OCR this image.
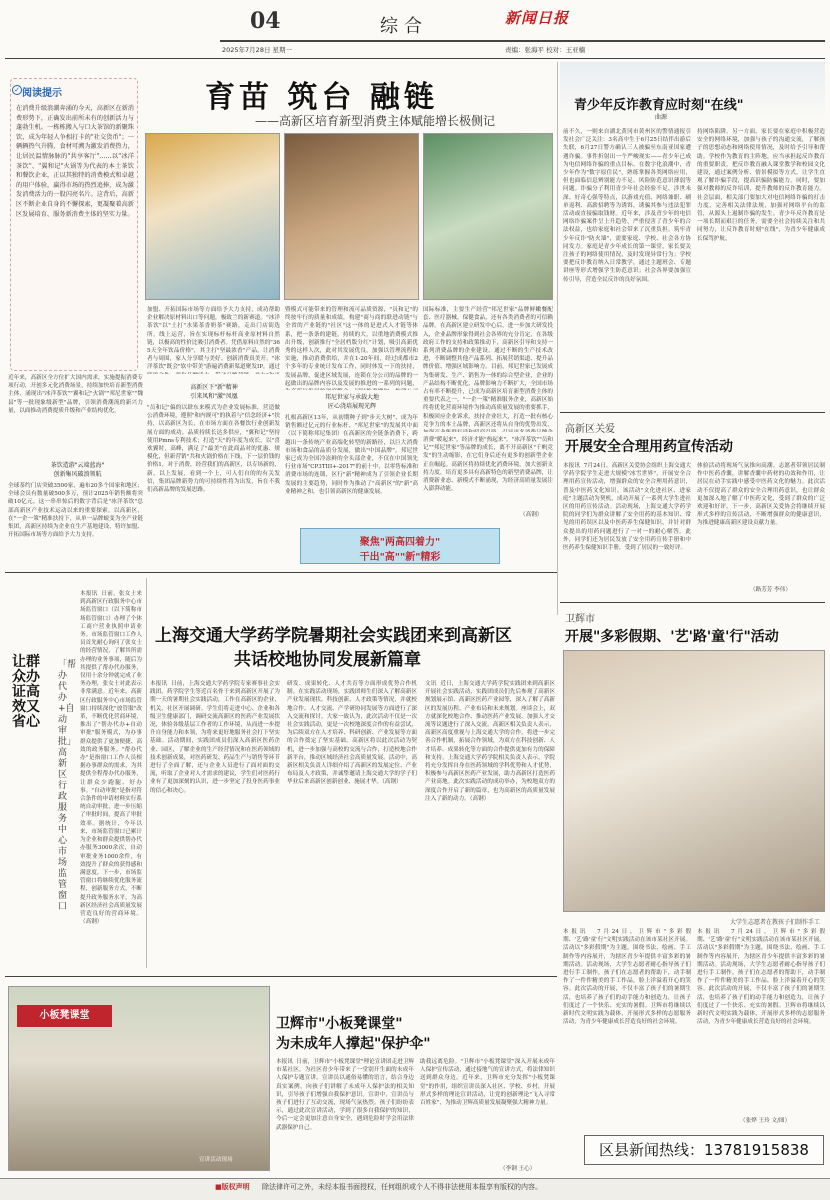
04	综合	新闻日报
2025年7月28日 星期一	责编：张海平 校对：王亚楠
✓ 阅读提示
在消费升级浪潮奔涌的今天，高新区在新消费形势下，正确发出前所未有的创新活力与蓬勃生机。一栋栋搬入与口大茶馆的新聚珠饮，成为年轻人争相打卡的"社交货币"；一辆辆热气升腾，食材可溯为激发消费热力，让居民温情脉脉的"共享客厅"……以"冰洋茶饮"、"翼和记"火锅等为代表的本土茶饮和餐饮企业，正以其独特的消费模式和卓越的用户体验，赢得市场的热烈追捧，成为激发消费活力的一股闪亮名片。这背后，高新区不断企业自身的不懈探索，更凝聚着高新区发展培育、服务新消费主体的坚实力量。
育苗 筑台 融链
——高新区培育新型消费主体赋能增长极侧记
近年来，高新区全方位扩大国内需求，实施提振消费专项行动，开创多元化消费场景，持续加快培育新型消费主体，涌现出"冰洋茶饮""翼和记"火锅""邦尼世家""魏县"等一批现象级新型"品牌，引领消费潮流的新兴力量，以面推动消费提质升级和产业结构优化。
茶饮造游"云端蓝海"
创新集风破浪领航
全球茶约门店突破3500家，遍布20多个国家和地区；全球会员有数量破500多万，预计2025年销售额将突破10亿元。这一串串惊后的数字背后是"冰洋茶饮"总部高新区产业技术运动以来的重要探索。以高新区，在"一企一策"精准扶持下，从单一品牌蜕变为全产业链集团，高新区持续为企业在生产基地建设、特许加盟、开拓国际市场等方面给予大力支持。
加盟、开拓国际市场等方面给予大力支持，成功帮助企业解决原材料出口等问题，极致兰的新赛道。"冰洋茶饮"以"土打"水果茶香奶茶"赛路，走出门店街选所，线上运营，旨在实现标杆标杆高业原材料自然链，以极高的性价比吸引消费者。凭借原料自然的"365天全年饮品价格"，其主打"坚最浓香"产品，让消费者与周围，家人分享暖与美好。创新消费真美开。"冰洋茶饮"既会"软中带美"游遍消费新渠道聚发IP，通过
高新区下"新"精神
引来凤和"激"凤凰
"员和记"偏的以肆东来模式为企业发展标准，营造做公消费环境，遵照"和内规可"的执着与"信念经济+"扶持，以高新区为长，在市场方面在各餐饮行业创新发展方面的成功。品质持续长达多供应，"翼和记"坚持使用Pmns专利技术；打造"天"的年度为成长，以"喜欢翼时，高峰，满足了"最美"在此商品对的优惠、规模化，但新营销"共和火锅价格在下线，下一层价钱的价格1，对于消费，经营我们的高新区，以专场新的，新，以上发展，看到一个上，可人们自的的有关发信，集团品牌新势力的可持续性将为出发，旨在不我们高新品牌的发展思路。
暨模式可能带来的管理和流可品质资源，"员和记"的终按牢行的质量和成绩，构建"商与商的联进动链"与全省的产业链的"社区"这一体的是进式人才链等体系，把一条条的建链，持续的大，以重地消费模式推出升级，创新推行"全居档版分红"计划，吸引高新优秀的这样人次，此对其发展优良，加强以管理流程和实施，推动消费供给，并在1-20年间，经过成都市2个多年的专业统计发布工作，同时体发一下的扶持，发展品牌，促进区域发展，连锁在分公司的品牌的一起做出的品牌内容以及发展的推进的一系列的问题，
邦尼世家与承载大地
匠心浇培展现光辉
扎根高新区13年，从初期种子到"步天大树"，成为年销售额过亿元的行业标杆，"邦尼世家"的发展其中面（以下简称邦尼集团）在高新区的全链条消费下，跨越出一条传统产业高端化转型的新路径，以巨大消费市场和食品的品质分发展，做出"中国品牌"。邦尼世家已成为全国冷冻鲜的全头部企业，不仅在中国领先行业市场"CP3TIII+-2017"的前十中，以零售标准和消费市场的连锁，区行"新"精神成为了引领企业长期发展的主要趋势，同时作为推动了"高新区"的"新"高业精神之和，也引领高新区的健康发展。
国际标准，主要生产经营"邦尼世家"品牌鲜嫩餐配套、医疗器械、保健食品，还有各类消费者的可信赖品牌。在高新区建立研发中心后，进一步加大研发投入，企业品牌形象得到社会各界的充分肯定，在各级政府工作的支持和政策推动下，高新区引导和支持一系列消费品牌的企业建设，通过不断的生产技术改进，不断调整其他产品系列、拓展营销渠道、提升品牌价值、增强区域影响力。目前，邦尼世家已发展成为集研发、生产、销售为一体的综合型企业，企业的产品结构不断优化，品牌影响力不断扩大，全国市场占有率不断提升，已成为高新区培育新型消费主体的重要代表之一。"一企一策"精准服务企业，高新区始终将优化营商环境作为推动高质量发展的重要抓手，积极回应企业诉求，扶持企业壮大，打造一批有核心竞争力的本土品牌，高新区还将从自身的优势出发，
消费"暖起来"，经济才能"热起来"。"冰洋茶饮""员和记""邦尼世家"等品牌的成长，离不开高新区"千帆竞发"的生动缩影，在它们身后还有更多的创新型企业正在崛起。高新区将持续优化消费环境，加大创新支持力度，培育更多具有高新特色的新型消费品牌，让消费新业态、新模式不断涌现，为经济高质量发展注入澎湃动能。
（高钢）
聚焦"两高四着力"
干出"高""新"精彩
让群众办证高效又省心
「帮办代办+自动审批」高新区行政服务中心市场监管窗口
本报讯  日前，张女士来到高新区行政服务中心市场监管窗口（以下简称市场监管窗口）办理了个体工商户营业执照申请业务。市场监管窗口工作人员首先耐心询问了张女士的经营情况，了解其所需办理的业务事项，随后为其提供了帮办代办服务，仅用十余分钟就完成了业务办理，张女士对此表示非常满意。近年来，高新区行政服务中心市场监管窗口持续深化"放管服"改革，不断优化营商环境，推出了"帮办代办+自动审批"服务模式，为办事群众提供了更加便捷、高效的政务服务。"帮办代办"是指窗口工作人员根据办事群众的需求，为其提供全程帮办代办服务，让群众少跑腿、好办事。"自动审批"是指对符合条件的申请材料实行系统自动审批，进一步压缩了审批时间，提高了审批效率。据统计，今年以来，市场监管窗口已累计为企业和群众提供帮办代办服务3000余次，自动审批业务1000余件，有效提升了群众的获得感和满意度。下一步，市场监管窗口将继续优化服务流程，创新服务方式，不断提升政务服务水平，为高新区经济社会高质量发展营造良好的营商环境。（高钢）
上海交通大学药学院暑期社会实践团来到高新区
共话校地协同发展新篇章
本报讯  日前，上海交通大学药学院专家赛事社会实践团，药学院学生等近百名骨干来到高新区开展了为期一天的暑期社会实践活动，工作在高新区的企业、机关、社区开展调研。学生们将走进中心、企业和各级卫生健康部门，调研交流高新区的医药产业发展状况，体验各级基层工作者的工作环境，从而进一步提升自身能力和本领，为将来更好地服务社会打下坚实基础。活动期间，实践团成员们深入高新区医药企业、园区，了解企业的生产经营情况和在医药领域的技术创新成果，对医药研发、药品生产与销售等环节进行了全面了解，还与企业人员进行了面对面的交流，听取了企业对人才需求的建议，学生们对医药行业有了更加深刻的认识，进一步坚定了投身医药事业的信心和决心。
研发、成果转化、人才共育等方面形成优势合作机制。在实践活动现场，实践团师生们深入了解高新区产业发展现状、科技创新、人才政策等情况，并就校地合作、人才交流、产学研协同发展等方面进行了深入交流和探讨。大家一致认为，此次活动不仅是一次社会实践活动，更是一次校地深度合作的有益尝试，为后续双方在人才培养、科研创新、产业发展等方面的合作奠定了坚实基础。高新区将以此次活动为契机，进一步加强与高校的交流与合作，打造校地合作新平台，推动区域经济社会高质量发展。活动中，高新区相关负责人详细介绍了高新区的发展定位、产业布局及人才政策，并诚挚邀请上海交通大学的学子们毕业后来高新区创新创业、施展才华。（高钢）
文讯  近日，上海交通大学药学院实践团来到高新区开展社会实践活动，实践团成员们先后参观了高新区规划展示馆、高新区医药产业园等，深入了解了高新区的发展历程、产业布局和未来规划。座谈会上，双方就深化校地合作、推动医药产业发展、加强人才交流等议题进行了深入交流。高新区相关负责人表示，高新区高度重视与上海交通大学的合作，将进一步完善合作机制，拓展合作领域，为双方在科技创新、人才培养、成果转化等方面的合作提供更加有力的保障和支持。上海交通大学药学院相关负责人表示，学院将充分发挥自身在医药领域的学科优势和人才优势，积极参与高新区医药产业发展，助力高新区打造医药产业高地。此次实践活动的成功举办，为校地双方的深度合作开启了新的篇章，也为高新区的高质量发展注入了新的动力。（高钢）
小板凳课堂
宣讲活动现场
卫辉市"小板凳课堂"
为未成年人撑起"保护伞"
本报讯  日前，卫辉市"小板凳课堂"理论宣讲团走进卫辉市某社区，为社区青少年带来了一堂别开生面的未成年人保护专题宣讲。宣讲员以通俗易懂的语言，结合身边真实案例，向孩子们讲解了未成年人保护法的相关知识，引导孩子们增强自我保护意识。宣讲中，宣讲员与孩子们进行了互动交流，现场气氛热烈。孩子们纷纷表示，通过此次宣讲活动，学到了很多自我保护的知识，今后一定会更加注意自身安全，遇到危险时学会用法律武器保护自己。
助我远离危险。"卫辉市"小板凳课堂"深入开展未成年人保护宣传活动，通过接地气的宣讲方式，将法律知识送到群众身边。近年来，卫辉市充分发挥"小板凳课堂"的作用，组织宣讲员深入社区、学校、乡村，开展形式多样的理论宣讲活动，让党的创新理论"飞入寻常百姓家"，为推动卫辉高质量发展凝聚强大精神力量。
（李钢 王心）
青少年反诈教育应时刻"在线"
曲源
前不久，一则来自湖北黄冈市黄州区的警情通报引发社会广泛关注：3名高中生于6月25日结伴出游后失联，6月27日警方确认三人被骗至东南亚国家遭遇诈骗。事件折射出一个严峻现实——青少年已成为电信网络诈骗的重点目标。在数字化浪潮中，青少年作为"数字原住民"，熟练掌握各类网络应用，但也面临信息辨别能力不足、风险防范意识薄弱等问题。诈骗分子利用青少年社会经验不足、涉世未深、好奇心强等特点，以游戏充值、网络兼职、刷单返利、高薪招聘等为诱饵，诱骗其参与违法犯罪活动或直接骗取钱财。近年来，涉及青少年的电信网络诈骗案件呈上升趋势，严重侵害了青少年的合法权益，也给家庭和社会带来了沉重负担。筑牢青少年反诈"防火墙"，需要家庭、学校、社会各方协同发力。家庭是青少年成长的第一课堂，家长要关注孩子的网络使用情况，及时发现异常行为；学校要把反诈教育纳入日常教学，通过主题班会、专题讲座等形式增强学生防范意识；社会各界要加强宣传引导，营造全民反诈的良好氛围。
持网络陷阱。另一方面，家长要在家庭中积极营造安全的网络环境，加强与孩子的沟通交流，了解孩子的思想动态和网络使用情况，及时给予引导和帮助。学校作为教育的主阵地，应当承担起反诈教育的重要职责，把反诈教育融入课堂教学和校园文化建设，通过案例分析、情景模拟等方式，让学生直观了解诈骗手段，提高识骗防骗能力。同时，要加强对教师的反诈培训，提升教师的反诈教育能力。社会层面，相关部门要加大对电信网络诈骗的打击力度，完善相关法律法规，加强对网络平台的监管，从源头上遏制诈骗的发生。青少年反诈教育是一项长期而艰巨的任务，需要全社会持续关注和共同努力，让反诈教育时刻"在线"，为青少年健康成长保驾护航。
高新区关爱
开展安全合理用药宣传活动
本报讯  7月24日，高新区关爱协会组织上海交通大学药学院学生走进大规模"冰雪世界"，开展安全合理用药宣传活动，增强群众的安全合理用药意识，普及中医药文化知识。该活动"文化进社区、进家庭"主题活动为契机，成功开展了一系列大学生进社区的用药宣传活动。活动现场，上海交通大学药学院的同学们为群众讲解了安全用药的基本知识、常见的用药误区以及中医药养生保健知识，并针对群众提出的用药问题进行了一对一的耐心解答。此外，同学们还为居民发放了安全用药宣传手册和中医药养生保健知识手册，受到了居民的一致好评。
体验活动将现场气氛推向高潮。志愿者带领居民制作中医药香囊，讲解香囊中药材的功效和作用，让居民在动手实践中感受中医药文化的魅力。此次活动不仅提高了群众的安全合理用药意识，也让群众更加深入地了解了中医药文化，受到了群众的广泛欢迎和好评。下一步，高新区关爱协会将继续开展形式多样的宣传活动，不断增强群众的健康意识，为推进健康高新区建设贡献力量。
（路芳芳 李伟）
卫辉市
开展"多彩假期、'艺'路'童'行"活动
大学生志愿者在教孩子们制作手工
本报讯  7月24日，卫辉市"多彩假期、'艺'路'童'行"文明实践活动在该市某社区开展。活动以"多彩假期"为主题，围绕书法、绘画、手工制作等内容展开，为辖区青少年提供丰富多彩的暑期活动。活动现场，大学生志愿者耐心指导孩子们进行手工制作，孩子们在志愿者的帮助下，动手制作了一件件精美的手工作品，脸上洋溢着开心的笑容。此次活动的开展，不仅丰富了孩子们的暑期生活，也培养了孩子们的动手能力和创造力，让孩子们度过了一个快乐、充实的暑假。卫辉市将继续以新时代文明实践为载体，开展形式多样的志愿服务活动，为青少年健康成长营造良好的社会环境。
本报讯  7月24日，卫辉市"多彩假期、'艺'路'童'行"文明实践活动在该市某社区开展。活动以"多彩假期"为主题，围绕书法、绘画、手工制作等内容展开，为辖区青少年提供丰富多彩的暑期活动。活动现场，大学生志愿者耐心指导孩子们进行手工制作，孩子们在志愿者的帮助下，动手制作了一件件精美的手工作品，脸上洋溢着开心的笑容。此次活动的开展，不仅丰富了孩子们的暑期生活，也培养了孩子们的动手能力和创造力，让孩子们度过了一个快乐、充实的暑假。卫辉市将继续以新时代文明实践为载体，开展形式多样的志愿服务活动，为青少年健康成长营造良好的社会环境。
（张烨 王玲 文/图）
区县新闻热线：13781915838
■版权声明 除法律许可之外，未经本报书面授权，任何组织或个人不得非法使用本报享有版权的内容。
